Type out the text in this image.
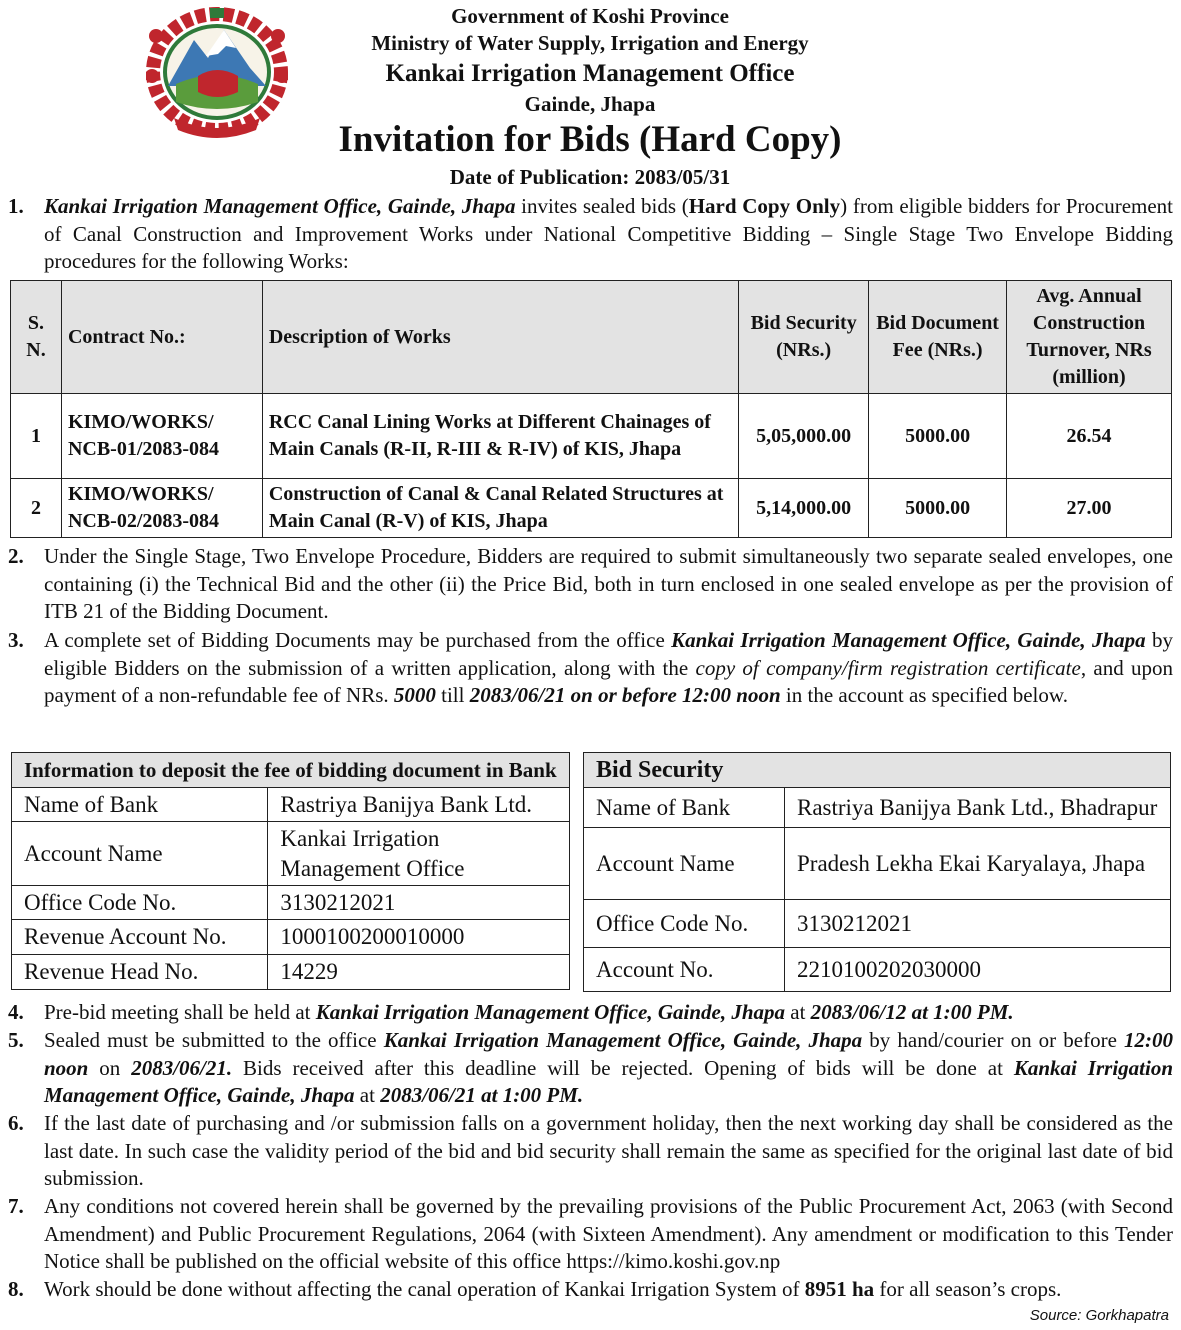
Government of Koshi Province
Ministry of Water Supply, Irrigation and Energy
Kankai Irrigation Management Office
Gainde, Jhapa
Invitation for Bids (Hard Copy)
Date of Publication: 2083/05/31
1. Kankai Irrigation Management Office, Gainde, Jhapa invites sealed bids (Hard Copy Only) from eligible bidders for Procurement of Canal Construction and Improvement Works under National Competitive Bidding – Single Stage Two Envelope Bidding procedures for the following Works:
S. N.	Contract No.:	Description of Works	Bid Security (NRs.)	Bid Document Fee (NRs.)	Avg. Annual Construction Turnover, NRs (million)
1	KIMO/WORKS/ NCB-01/2083-084	RCC Canal Lining Works at Different Chainages of Main Canals (R-II, R-III & R-IV) of KIS, Jhapa	5,05,000.00	5000.00	26.54
2	KIMO/WORKS/ NCB-02/2083-084	Construction of Canal & Canal Related Structures at Main Canal (R-V) of KIS, Jhapa	5,14,000.00	5000.00	27.00
2. Under the Single Stage, Two Envelope Procedure, Bidders are required to submit simultaneously two separate sealed envelopes, one containing (i) the Technical Bid and the other (ii) the Price Bid, both in turn enclosed in one sealed envelope as per the provision of ITB 21 of the Bidding Document.
3. A complete set of Bidding Documents may be purchased from the office Kankai Irrigation Management Office, Gainde, Jhapa by eligible Bidders on the submission of a written application, along with the copy of company/firm registration certificate, and upon payment of a non-refundable fee of NRs. 5000 till 2083/06/21 on or before 12:00 noon in the account as specified below.
Information to deposit the fee of bidding document in Bank	
Name of Bank	Rastriya Banijya Bank Ltd.
Account Name	Kankai Irrigation Management Office
Office Code No.	3130212021
Revenue Account No.	1000100200010000
Revenue Head No.	14229
Bid Security	
Name of Bank	Rastriya Banijya Bank Ltd., Bhadrapur
Account Name	Pradesh Lekha Ekai Karyalaya, Jhapa
Office Code No.	3130212021
Account No.	2210100202030000
4. Pre-bid meeting shall be held at Kankai Irrigation Management Office, Gainde, Jhapa at 2083/06/12 at 1:00 PM.
5. Sealed must be submitted to the office Kankai Irrigation Management Office, Gainde, Jhapa by hand/courier on or before 12:00 noon on 2083/06/21. Bids received after this deadline will be rejected. Opening of bids will be done at Kankai Irrigation Management Office, Gainde, Jhapa at 2083/06/21 at 1:00 PM.
6. If the last date of purchasing and /or submission falls on a government holiday, then the next working day shall be considered as the last date. In such case the validity period of the bid and bid security shall remain the same as specified for the original last date of bid submission.
7. Any conditions not covered herein shall be governed by the prevailing provisions of the Public Procurement Act, 2063 (with Second Amendment) and Public Procurement Regulations, 2064 (with Sixteen Amendment). Any amendment or modification to this Tender Notice shall be published on the official website of this office https://kimo.koshi.gov.np
8. Work should be done without affecting the canal operation of Kankai Irrigation System of 8951 ha for all season’s crops.
Source: Gorkhapatra
